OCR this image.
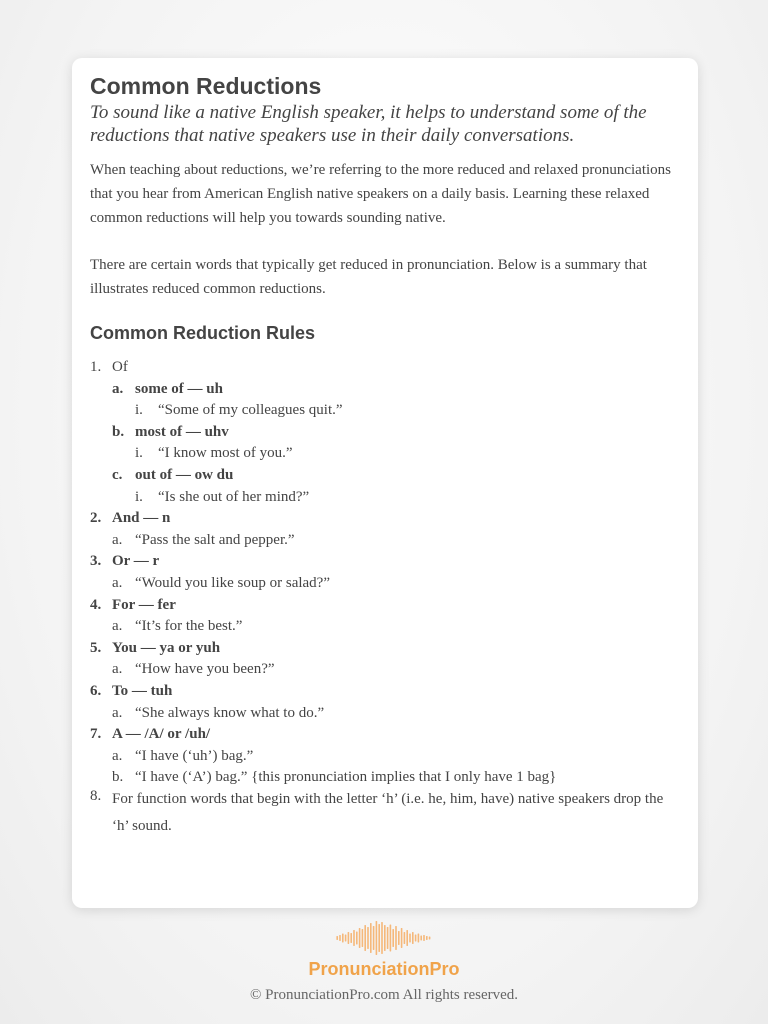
Common Reductions

To sound like a native English speaker, it helps to understand some of the reductions that native speakers use in their daily conversations.

When teaching about reductions, we’re referring to the more reduced and relaxed pronunciations that you hear from American English native speakers on a daily basis. Learning these relaxed common reductions will help you towards sounding native.

There are certain words that typically get reduced in pronunciation. Below is a summary that illustrates reduced common reductions.

Common Reduction Rules
1. Of
a. some of — uh
i. “Some of my colleagues quit.”
b. most of — uhv
i. “I know most of you.”
c. out of — ow du
i. “Is she out of her mind?”
2. And — n
a. “Pass the salt and pepper.”
3. Or — r
a. “Would you like soup or salad?”
4. For — fer
a. “It’s for the best.”
5. You — ya or yuh
a. “How have you been?”
6. To — tuh
a. “She always know what to do.”
7. A — /A/ or /uh/
a. “I have (‘uh’) bag.”
b. “I have (‘A’) bag.” {this pronunciation implies that I only have 1 bag}
8. For function words that begin with the letter ‘h’ (i.e. he, him, have) native speakers drop the ‘h’ sound.
PronunciationPro
© PronunciationPro.com All rights reserved.
